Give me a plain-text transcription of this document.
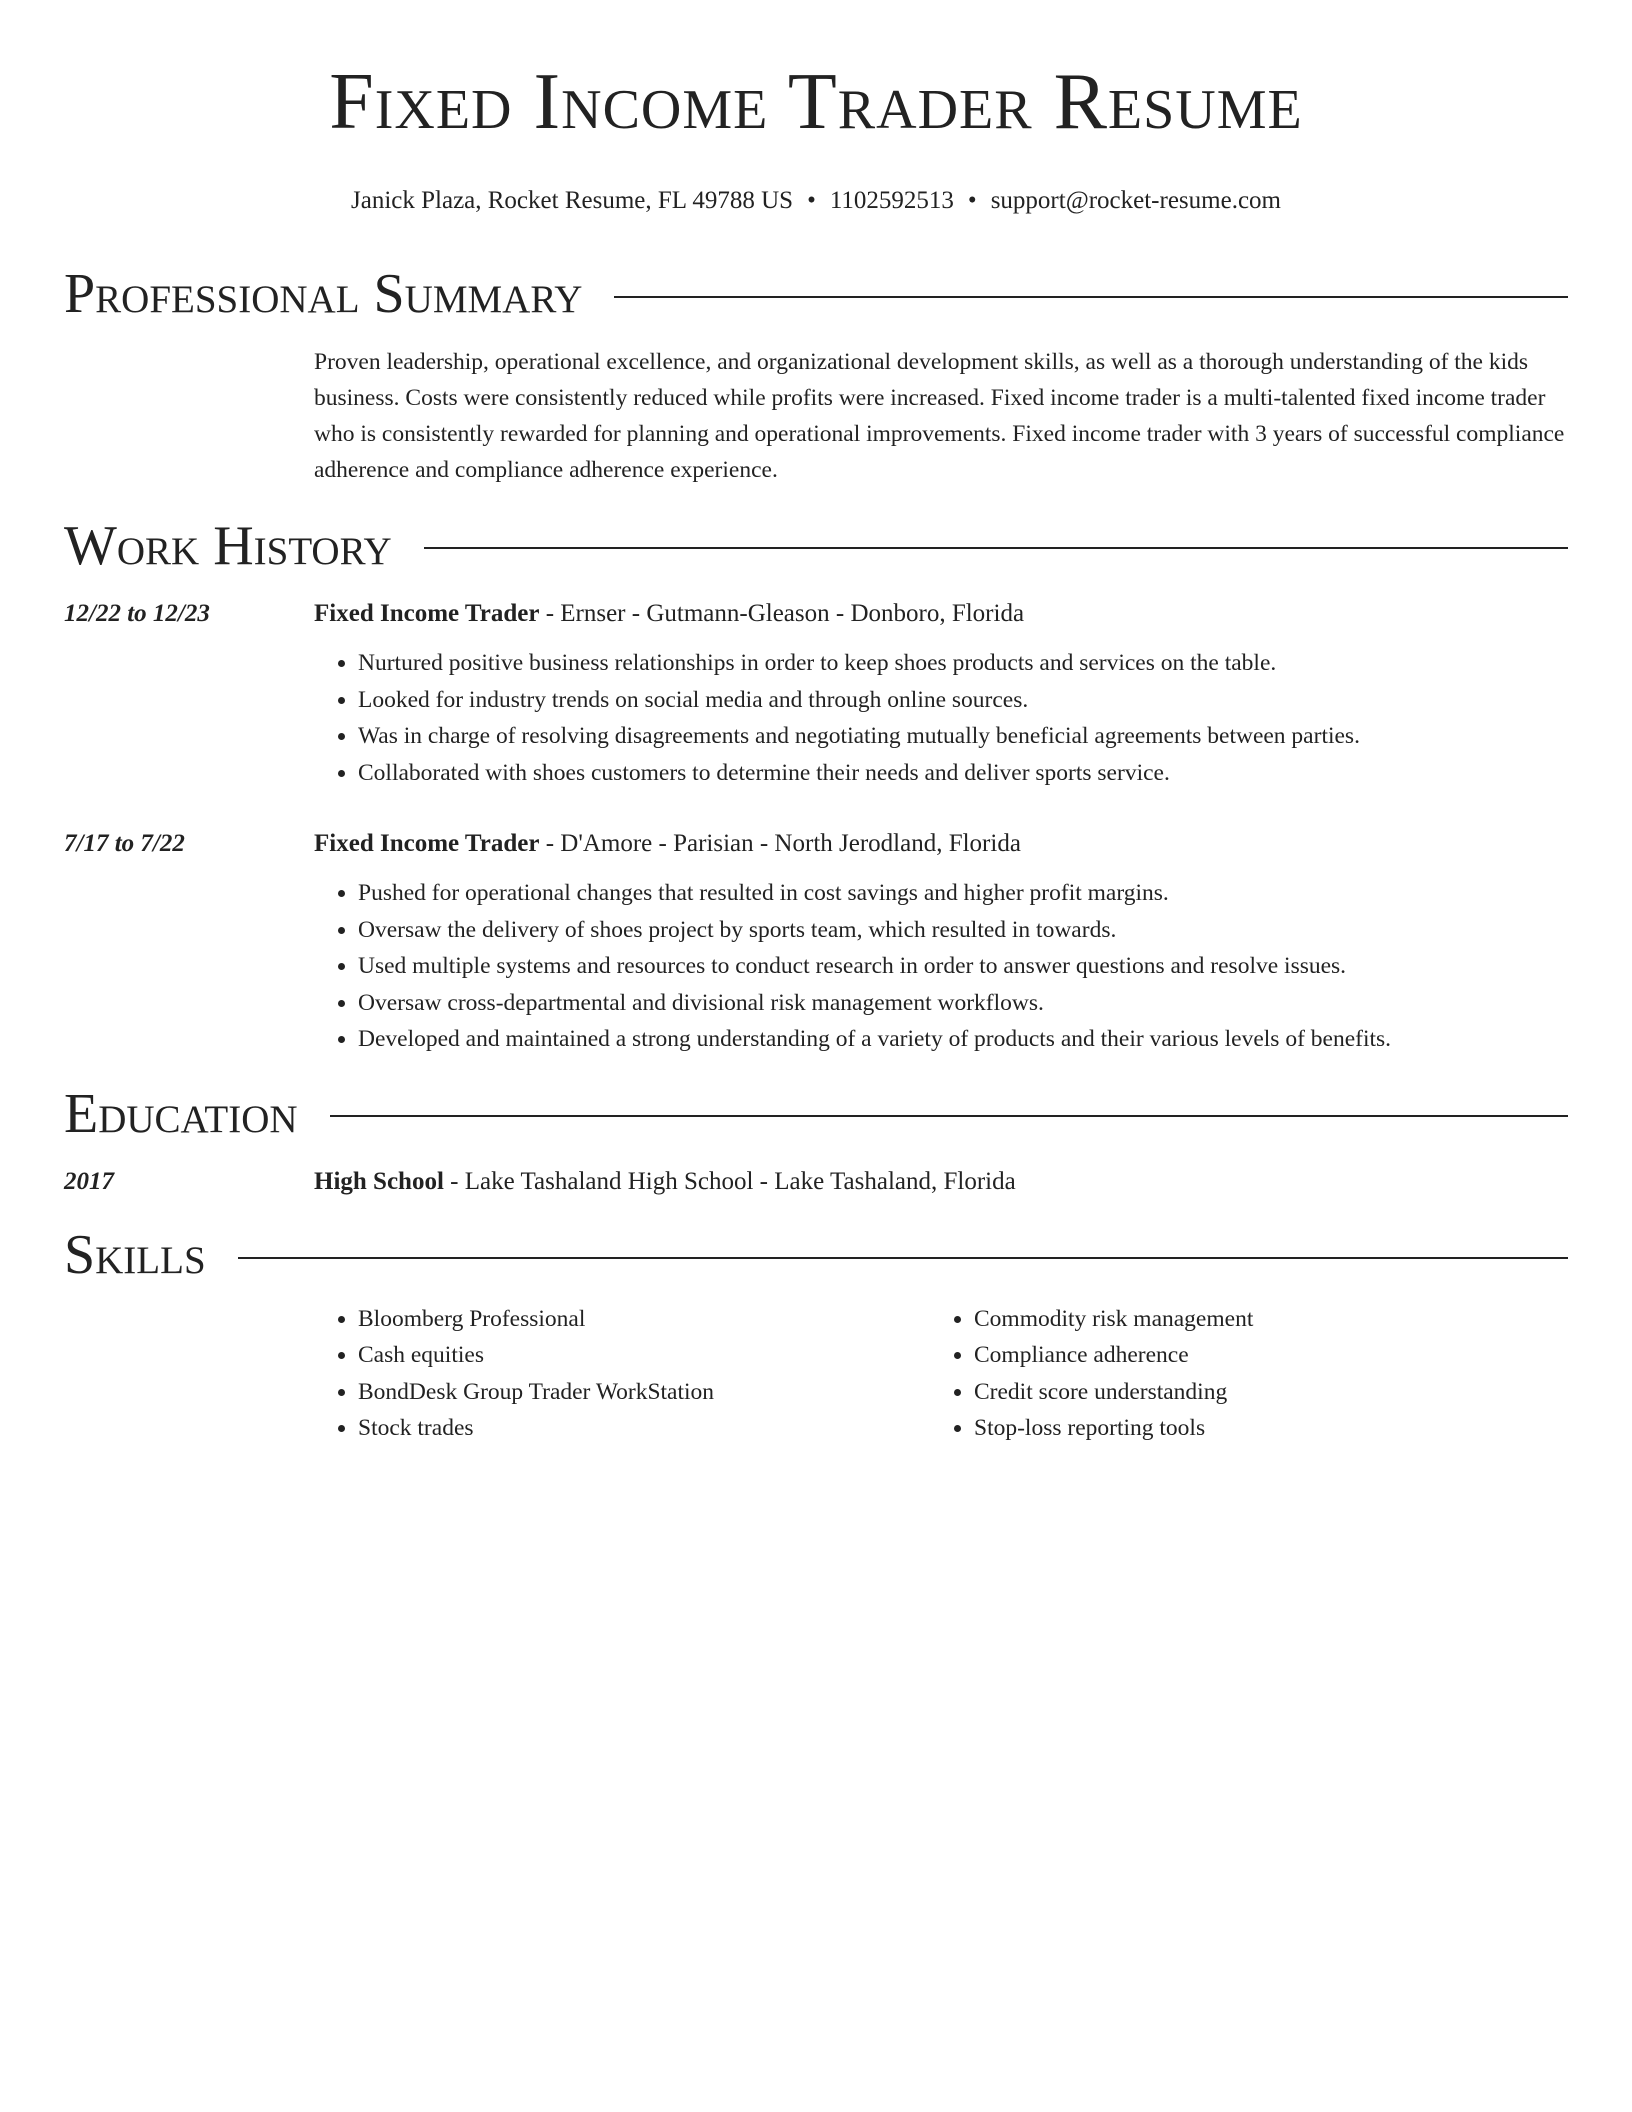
Fixed Income Trader Resume
Janick Plaza, Rocket Resume, FL 49788 US • 1102592513 • support@rocket-resume.com
Professional Summary
Proven leadership, operational excellence, and organizational development skills, as well as a thorough understanding of the kids business. Costs were consistently reduced while profits were increased. Fixed income trader is a multi-talented fixed income trader who is consistently rewarded for planning and operational improvements. Fixed income trader with 3 years of successful compliance adherence and compliance adherence experience.
Work History
12/22 to 12/23	Fixed Income Trader - Ernser - Gutmann-Gleason - Donboro, Florida
• Nurtured positive business relationships in order to keep shoes products and services on the table.
• Looked for industry trends on social media and through online sources.
• Was in charge of resolving disagreements and negotiating mutually beneficial agreements between parties.
• Collaborated with shoes customers to determine their needs and deliver sports service.
7/17 to 7/22	Fixed Income Trader - D'Amore - Parisian - North Jerodland, Florida
• Pushed for operational changes that resulted in cost savings and higher profit margins.
• Oversaw the delivery of shoes project by sports team, which resulted in towards.
• Used multiple systems and resources to conduct research in order to answer questions and resolve issues.
• Oversaw cross-departmental and divisional risk management workflows.
• Developed and maintained a strong understanding of a variety of products and their various levels of benefits.
Education
2017	High School - Lake Tashaland High School - Lake Tashaland, Florida
Skills
• Bloomberg Professional
• Cash equities
• BondDesk Group Trader WorkStation
• Stock trades
• Commodity risk management
• Compliance adherence
• Credit score understanding
• Stop-loss reporting tools
